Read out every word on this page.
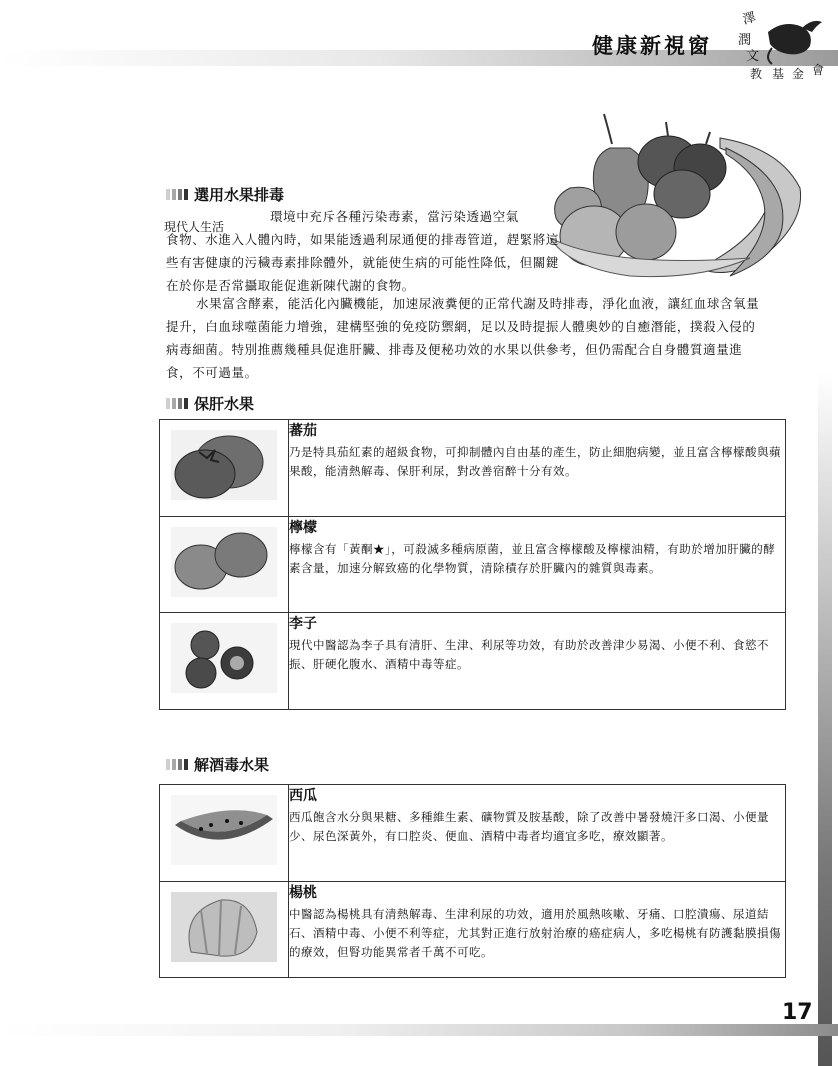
健康新視窗
澤
潤
文
教 基 金 會
選用水果排毒
現代人生活
環境中充斥各種污染毒素，當污染透過空氣
食物、水進入人體內時，如果能透過利尿通便的排毒管道，趕緊將這些有害健康的污穢毒素排除體外，就能使生病的可能性降低，但關鍵在於你是否常攝取能促進新陳代謝的食物。
水果富含酵素，能活化內臟機能，加速尿液糞便的正常代謝及時排毒，淨化血液，讓紅血球含氧量提升，白血球噬菌能力增強，建構堅強的免疫防禦網，足以及時提振人體奧妙的自癒潛能，撲殺入侵的病毒細菌。特別推薦幾種具促進肝臟、排毒及便秘功效的水果以供參考，但仍需配合自身體質適量進食，不可過量。
保肝水果

蕃茄
乃是特具茄紅素的超級食物，可抑制體內自由基的產生，防止細胞病變，並且富含檸檬酸與蘋果酸，能清熱解毒、保肝利尿，對改善宿醉十分有效。

檸檬
檸檬含有「黃酮★」，可殺滅多種病原菌，並且富含檸檬酸及檸檬油精，有助於增加肝臟的酵素含量，加速分解致癌的化學物質，清除積存於肝臟內的雜質與毒素。

李子
現代中醫認為李子具有清肝、生津、利尿等功效，有助於改善津少易渴、小便不利、食慾不振、肝硬化腹水、酒精中毒等症。
解酒毒水果

西瓜
西瓜飽含水分與果糖、多種維生素、礦物質及胺基酸，除了改善中暑發燒汗多口渴、小便量少、尿色深黃外，有口腔炎、便血、酒精中毒者均適宜多吃，療效顯著。

楊桃
中醫認為楊桃具有清熱解毒、生津利尿的功效，適用於風熱咳嗽、牙痛、口腔潰瘍、尿道結石、酒精中毒、小便不利等症，尤其對正進行放射治療的癌症病人，多吃楊桃有防護黏膜損傷的療效，但腎功能異常者千萬不可吃。
17
